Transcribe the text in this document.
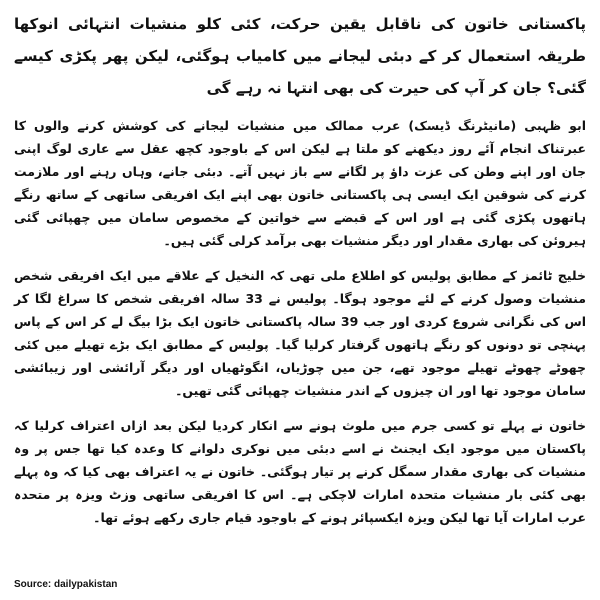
پاکستانی خاتون کی ناقابل یقین حرکت، کئی کلو منشیات انتہائی انوکھا طریقہ استعمال کر کے دبئی لیجانے میں کامیاب ہوگئی، لیکن پھر پکڑی کیسے گئی؟ جان کر آپ کی حیرت کی بھی انتہا نہ رہے گی
ابو ظہبی (مانیٹرنگ ڈیسک) عرب ممالک میں منشیات لیجانے کی کوشش کرنے والوں کا عبرتناک انجام آئے روز دیکھنے کو ملتا ہے لیکن اس کے باوجود کچھ عقل سے عاری لوگ اپنی جان اور اپنے وطن کی عزت داؤ پر لگانے سے باز نہیں آتے۔ دبئی جانے، وہاں رہنے اور ملازمت کرنے کی شوقین ایک ایسی ہی پاکستانی خاتون بھی اپنے ایک افریقی ساتھی کے ساتھ رنگے ہاتھوں پکڑی گئی ہے اور اس کے قبضے سے خواتین کے مخصوص سامان میں چھپائی گئی ہیروئن کی بھاری مقدار اور دیگر منشیات بھی برآمد کرلی گئی ہیں۔
خلیج ٹائمز کے مطابق پولیس کو اطلاع ملی تھی کہ النخیل کے علاقے میں ایک افریقی شخص منشیات وصول کرنے کے لئے موجود ہوگا۔ پولیس نے 33 سالہ افریقی شخص کا سراغ لگا کر اس کی نگرانی شروع کردی اور جب 39 سالہ پاکستانی خاتون ایک بڑا بیگ لے کر اس کے پاس پہنچی تو دونوں کو رنگے ہاتھوں گرفتار کرلیا گیا۔ پولیس کے مطابق ایک بڑے تھیلے میں کئی چھوٹے چھوٹے تھیلے موجود تھے، جن میں چوڑیاں، انگوٹھیاں اور دیگر آرائشی اور زیبائشی سامان موجود تھا اور ان چیزوں کے اندر منشیات چھپائی گئی تھیں۔
خاتون نے پہلے تو کسی جرم میں ملوث ہونے سے انکار کردیا لیکن بعد ازاں اعتراف کرلیا کہ پاکستان میں موجود ایک ایجنٹ نے اسے دبئی میں نوکری دلوانے کا وعدہ کیا تھا جس پر وہ منشیات کی بھاری مقدار سمگل کرنے پر تیار ہوگئی۔ خاتون نے یہ اعتراف بھی کیا کہ وہ پہلے بھی کئی بار منشیات متحدہ امارات لاچکی ہے۔ اس کا افریقی ساتھی وزٹ ویزہ پر متحدہ عرب امارات آیا تھا لیکن ویزہ ایکسپائر ہونے کے باوجود قیام جاری رکھے ہوئے تھا۔
Source: dailypakistan
